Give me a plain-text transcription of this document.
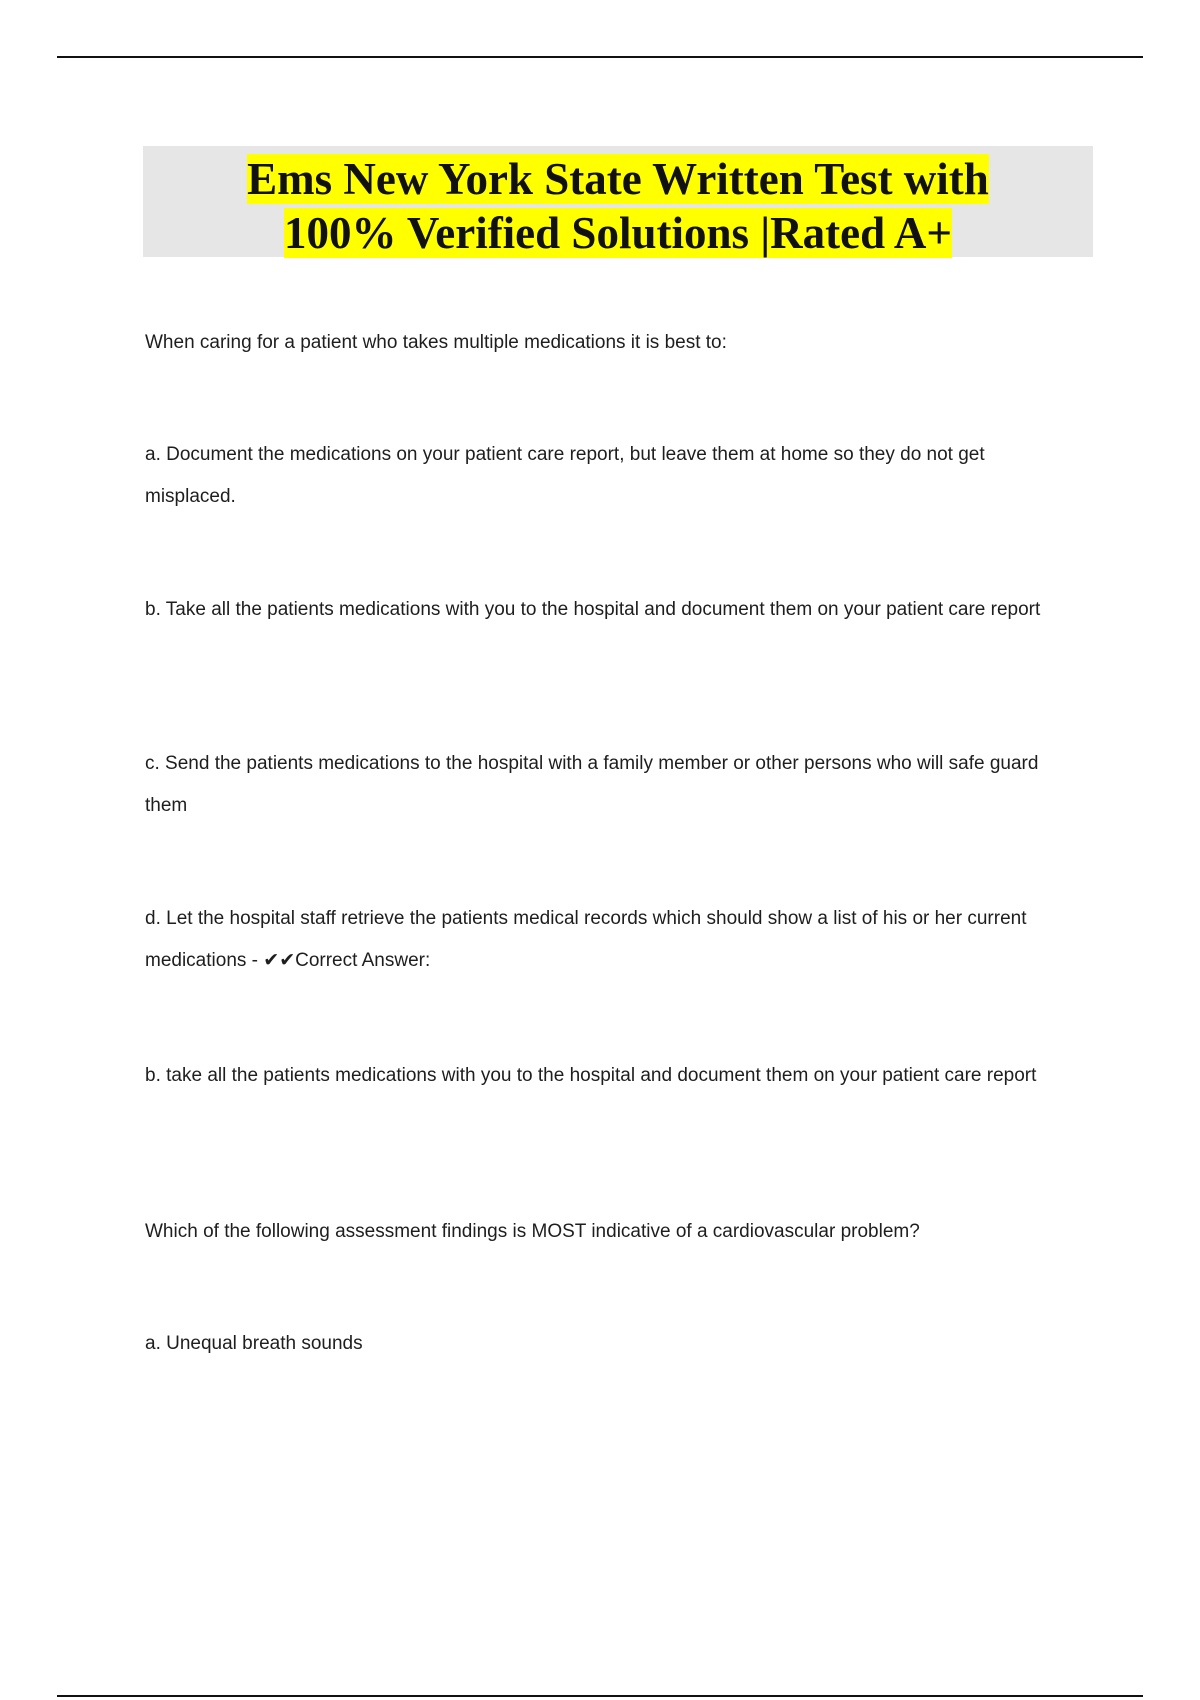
Ems New York State Written Test with
100% Verified Solutions |Rated A+

When caring for a patient who takes multiple medications it is best to:

a. Document the medications on your patient care report, but leave them at home so they do not get misplaced.

b. Take all the patients medications with you to the hospital and document them on your patient care report

c. Send the patients medications to the hospital with a family member or other persons who will safe guard them

d. Let the hospital staff retrieve the patients medical records which should show a list of his or her current medications - ✔✔Correct Answer:

b. take all the patients medications with you to the hospital and document them on your patient care report

Which of the following assessment findings is MOST indicative of a cardiovascular problem?

a. Unequal breath sounds
